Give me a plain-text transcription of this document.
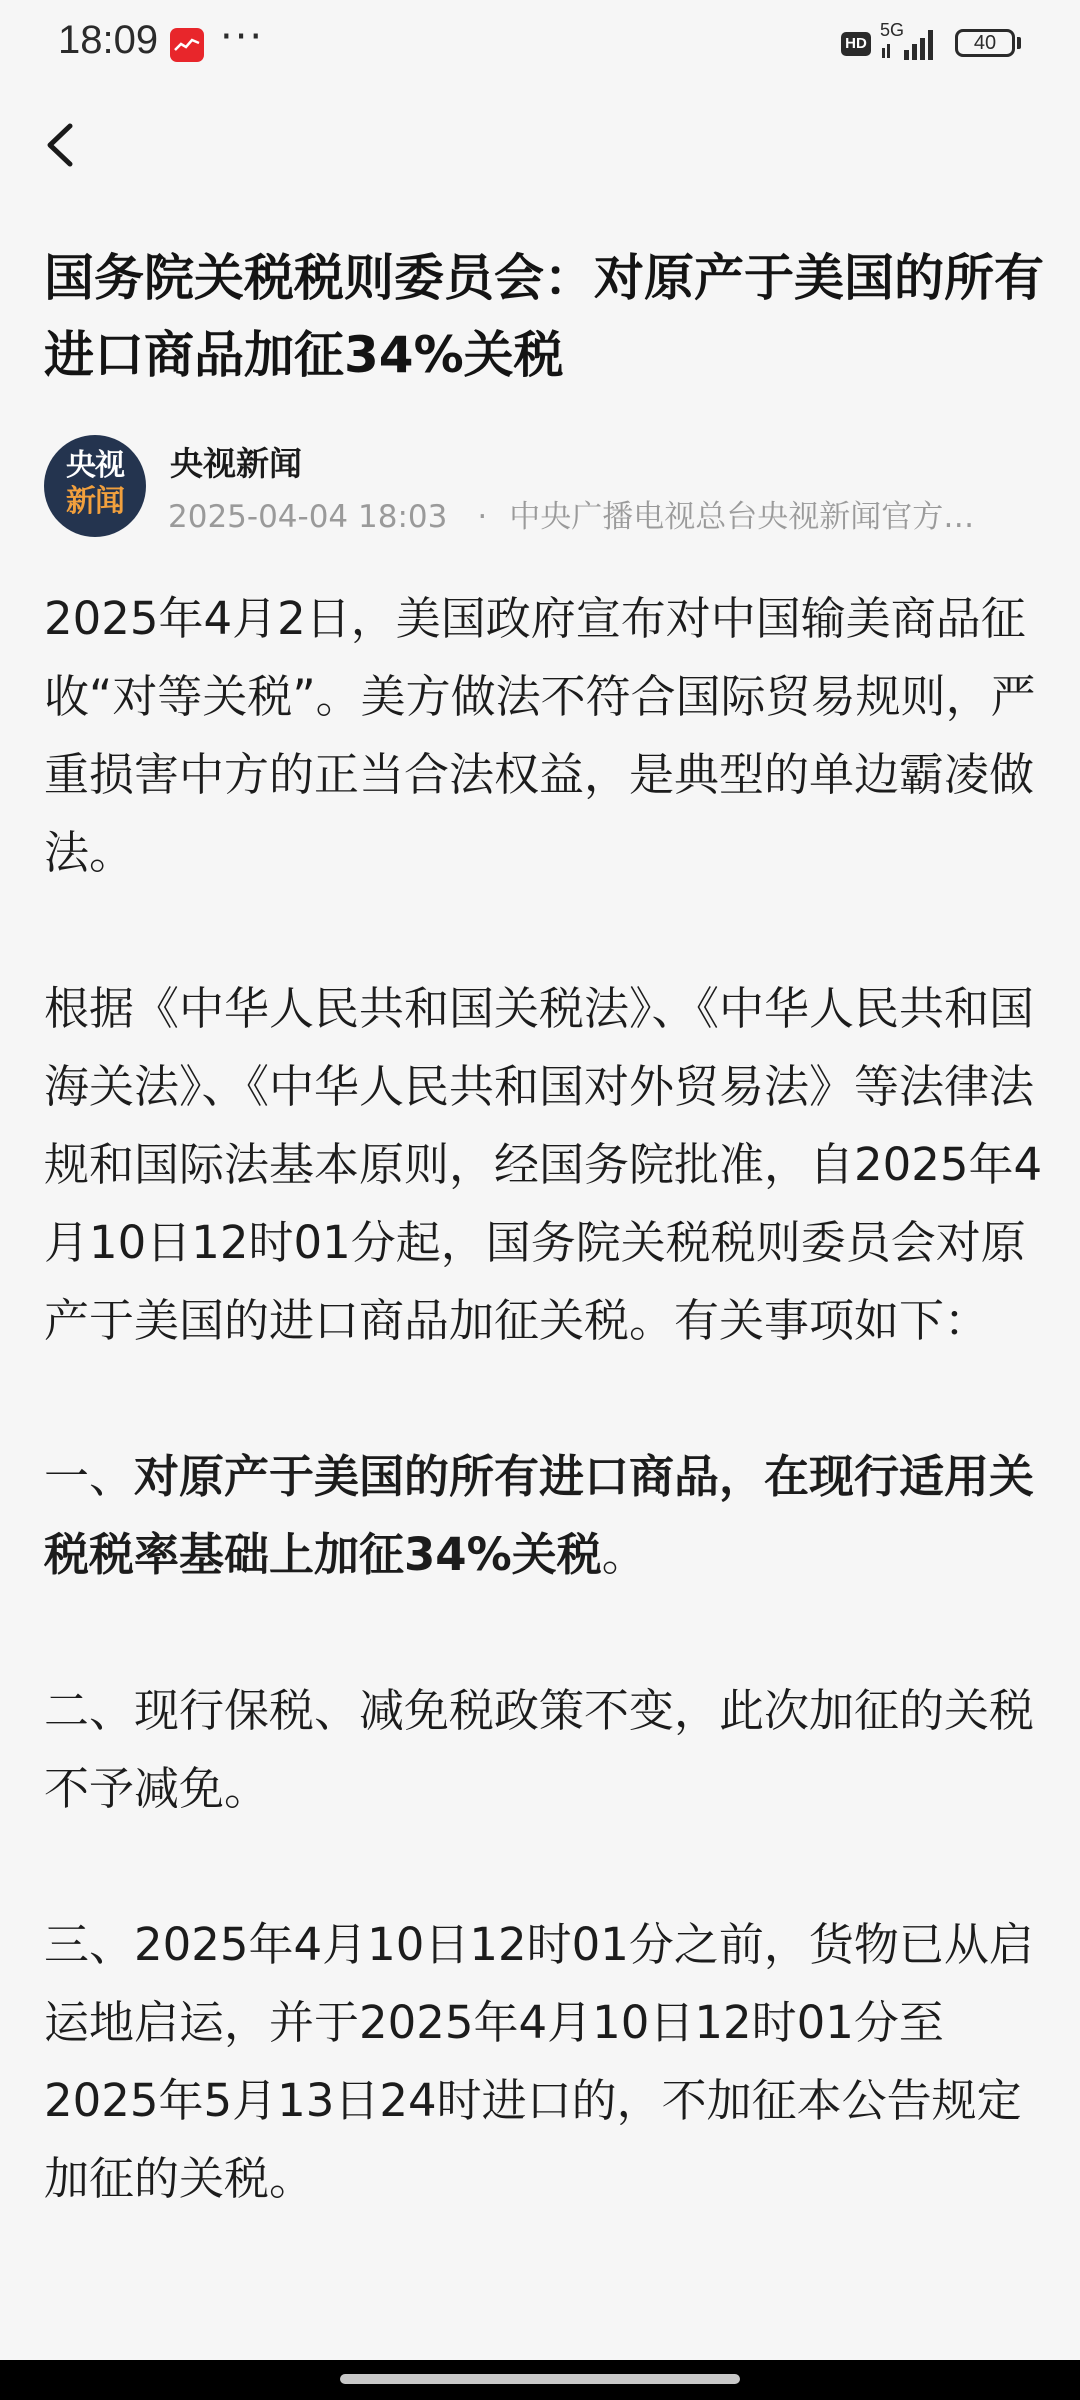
18:09 ···	HD
5G
40
国务院关税税则委员会：对原产于美国的所有进口商品加征34%关税
央视
新闻
央视新闻
2025-04-04 18:03 · 中央广播电视总台央视新闻官方…

2025年4月2日，美国政府宣布对中国输美商品征收“对等关税”。美方做法不符合国际贸易规则，严重损害中方的正当合法权益，是典型的单边霸凌做法。

根据《中华人民共和国关税法》、《中华人民共和国海关法》、《中华人民共和国对外贸易法》等法律法规和国际法基本原则，经国务院批准，自2025年4月10日12时01分起，国务院关税税则委员会对原产于美国的进口商品加征关税。有关事项如下：

一、对原产于美国的所有进口商品，在现行适用关税税率基础上加征34%关税。

二、现行保税、减免税政策不变，此次加征的关税不予减免。

三、2025年4月10日12时01分之前，货物已从启运地启运，并于2025年4月10日12时01分至2025年5月13日24时进口的，不加征本公告规定加征的关税。
